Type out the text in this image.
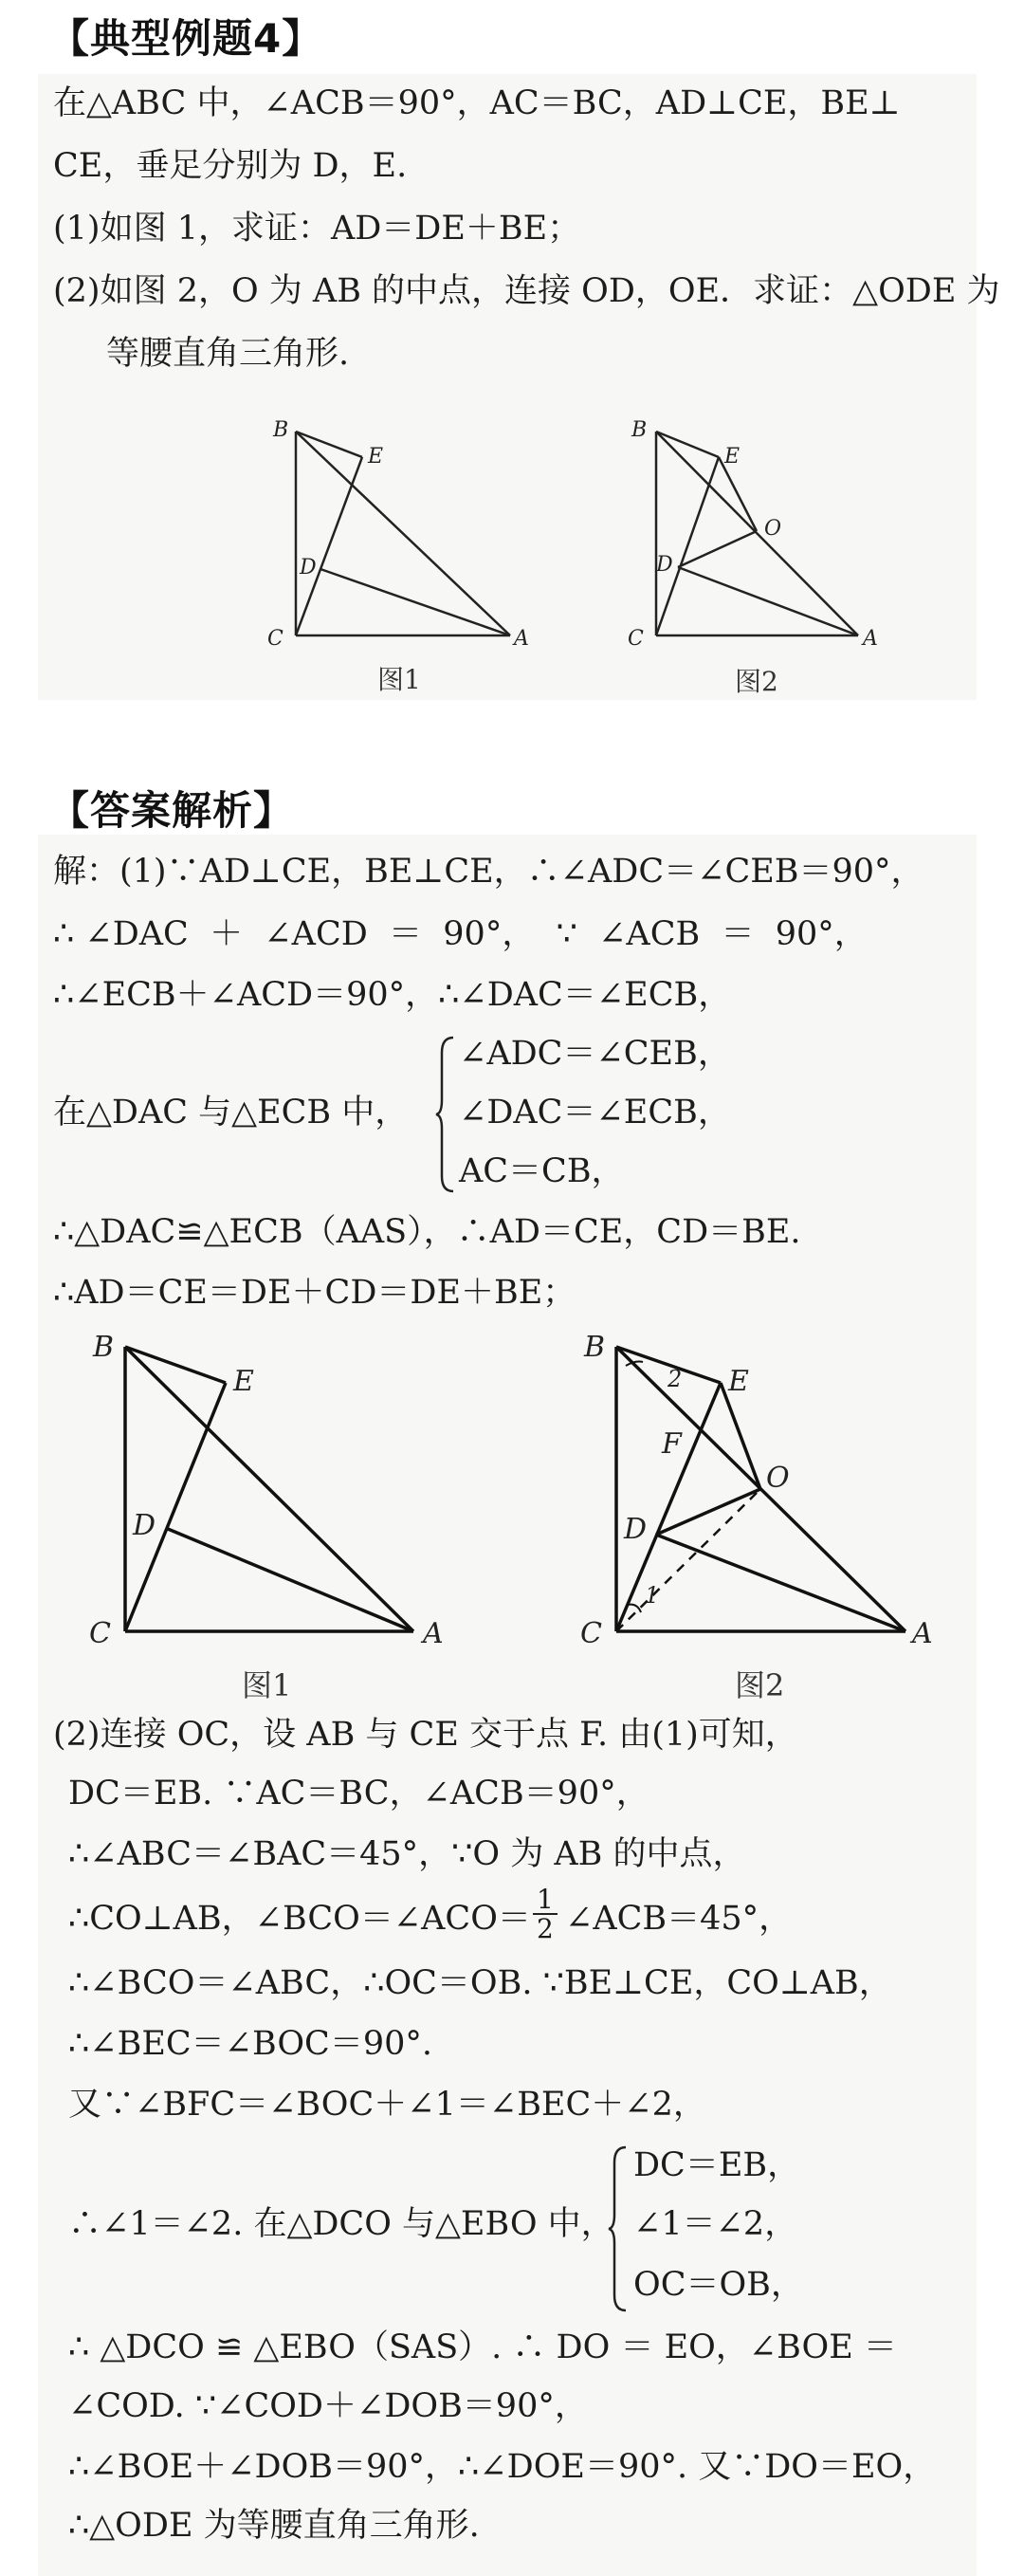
【典型例题4】
在△ABC 中，∠ACB＝90°，AC＝BC，AD⊥CE，BE⊥
CE，垂足分别为 D，E.
(1)如图 1，求证：AD＝DE＋BE；
(2)如图 2，O 为 AB 的中点，连接 OD，OE．求证：△ODE 为
等腰直角三角形.
B
E
D
C	A
图1
B
E
O
D
C	A
图2
【答案解析】
解：(1)∵AD⊥CE，BE⊥CE，∴∠ADC＝∠CEB＝90°，
∴ ∠DAC  ＋  ∠ACD  ＝  90°，  ∵  ∠ACB  ＝  90°，
∴∠ECB＋∠ACD＝90°，∴∠DAC＝∠ECB，
在△DAC 与△ECB 中，
∠ADC＝∠CEB，
∠DAC＝∠ECB，
AC＝CB，
∴△DAC≌△ECB（AAS），∴AD＝CE，CD＝BE.
∴AD＝CE＝DE＋CD＝DE＋BE；
B
E
D
C	A
图1
B
E
O
F
D
C	A
1
2
图2
(2)连接 OC，设 AB 与 CE 交于点 F. 由(1)可知，
DC＝EB. ∵AC＝BC，∠ACB＝90°，
∴∠ABC＝∠BAC＝45°，∵O 为 AB 的中点，
∴CO⊥AB，∠BCO＝∠ACO＝ $\frac{1}{2}$ ∠ACB＝45°，
∴∠BCO＝∠ABC，∴OC＝OB. ∵BE⊥CE，CO⊥AB，
∴∠BEC＝∠BOC＝90°.
又∵∠BFC＝∠BOC＋∠1＝∠BEC＋∠2，
∴∠1＝∠2. 在△DCO 与△EBO 中，
DC＝EB，
∠1＝∠2，
OC＝OB，
∴ △DCO ≌ △EBO（SAS）. ∴ DO ＝ EO，∠BOE ＝
∠COD. ∵∠COD＋∠DOB＝90°，
∴∠BOE＋∠DOB＝90°，∴∠DOE＝90°. 又∵DO＝EO，
∴△ODE 为等腰直角三角形.
